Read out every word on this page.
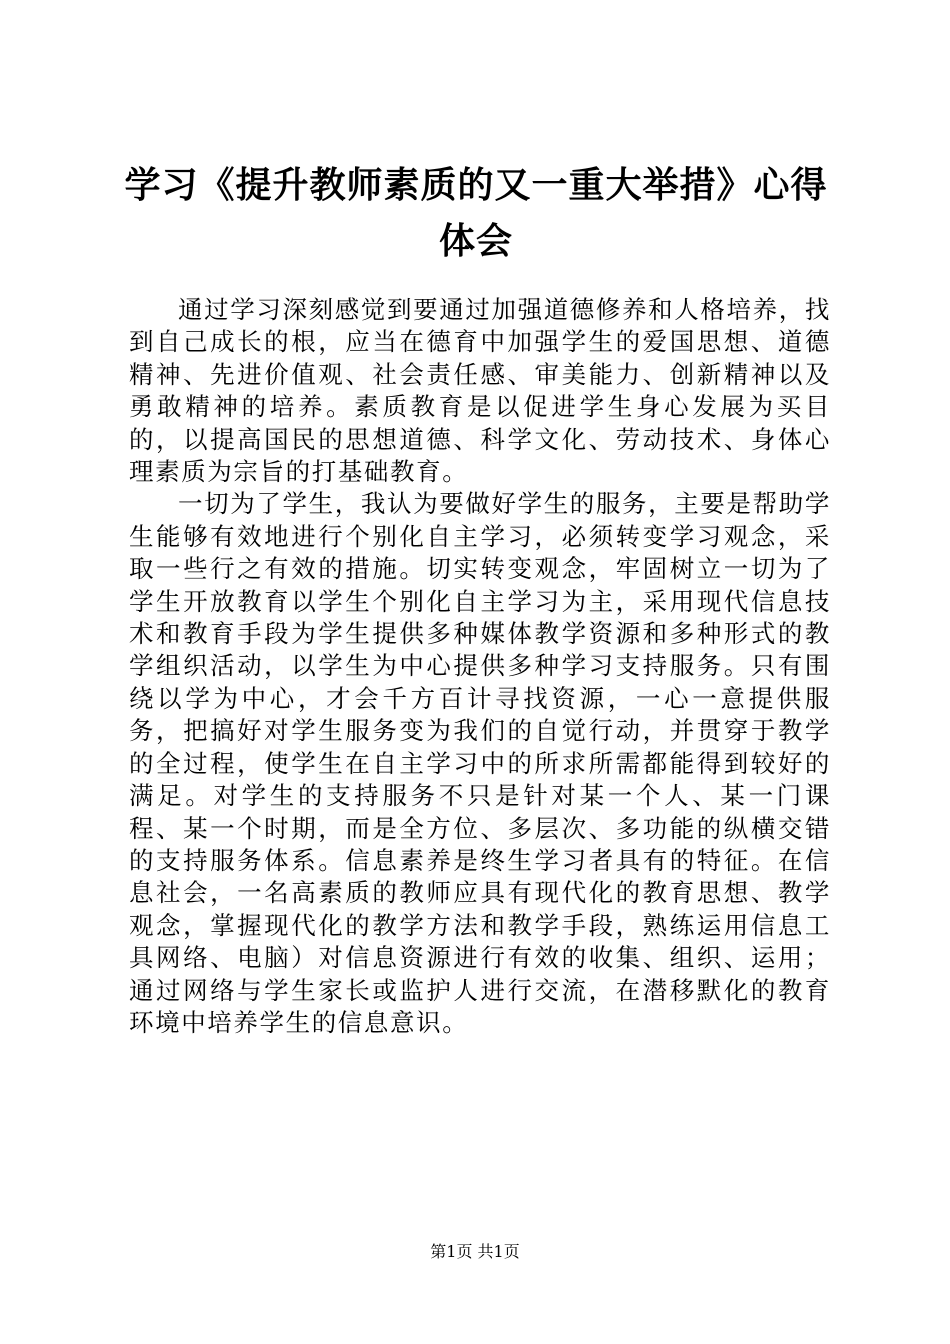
学习《提升教师素质的又一重大举措》心得体会

通过学习深刻感觉到要通过加强道德修养和人格培养，找到自己成长的根，应当在德育中加强学生的爱国思想、道德精神、先进价值观、社会责任感、审美能力、创新精神以及勇敢精神的培养。素质教育是以促进学生身心发展为买目的，以提高国民的思想道德、科学文化、劳动技术、身体心理素质为宗旨的打基础教育。

一切为了学生，我认为要做好学生的服务，主要是帮助学生能够有效地进行个别化自主学习，必须转变学习观念，采取一些行之有效的措施。切实转变观念，牢固树立一切为了学生开放教育以学生个别化自主学习为主，采用现代信息技术和教育手段为学生提供多种媒体教学资源和多种形式的教学组织活动，以学生为中心提供多种学习支持服务。只有围绕以学为中心，才会千方百计寻找资源，一心一意提供服务，把搞好对学生服务变为我们的自觉行动，并贯穿于教学的全过程，使学生在自主学习中的所求所需都能得到较好的满足。对学生的支持服务不只是针对某一个人、某一门课程、某一个时期，而是全方位、多层次、多功能的纵横交错的支持服务体系。信息素养是终生学习者具有的特征。在信息社会，一名高素质的教师应具有现代化的教育思想、教学观念，掌握现代化的教学方法和教学手段，熟练运用信息工具网络、电脑）对信息资源进行有效的收集、组织、运用；通过网络与学生家长或监护人进行交流，在潜移默化的教育环境中培养学生的信息意识。

第1页 共1页
